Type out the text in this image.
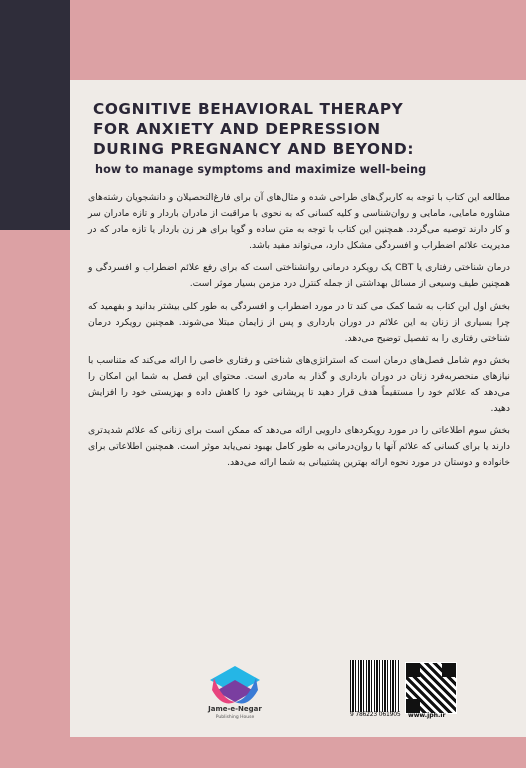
COGNITIVE BEHAVIORAL THERAPY
FOR ANXIETY AND DEPRESSION
DURING PREGNANCY AND BEYOND:
how to manage symptoms and maximize well-being

مطالعه این کتاب با توجه به کاربرگ‌های طراحی شده و مثال‌های آن برای فارغ‌التحصیلان و دانشجویان رشته‌های مشاوره مامایی، مامایی و روان‌شناسی و کلیه کسانی که به نحوی با مراقبت از مادران باردار و تازه مادران سر و کار دارند توصیه می‌گردد. همچنین این کتاب با توجه به متن ساده و گویا برای هر زن باردار یا تازه مادر که در مدیریت علائم اضطراب و افسردگی مشکل دارد، می‌تواند مفید باشد.

درمان شناختی رفتاری یا CBT یک رویکرد درمانی روانشناختی است که برای رفع علائم اضطراب و افسردگی و همچنین طیف وسیعی از مسائل بهداشتی از جمله کنترل درد مزمن بسیار موثر است.

بخش اول این کتاب به شما کمک می کند تا در مورد اضطراب و افسردگی به طور کلی بیشتر بدانید و بفهمید که چرا بسیاری از زنان به این علائم در دوران بارداری و پس از زایمان مبتلا می‌شوند. همچنین رویکرد درمان شناختی رفتاری را به تفصیل توضیح می‌دهد.

بخش دوم شامل فصل‌های درمان است که استراتژی‌های شناختی و رفتاری خاصی را ارائه می‌کند که متناسب با نیازهای منحصربه‌فرد زنان در دوران بارداری و گذار به مادری است. محتوای این فصل به شما این امکان را می‌دهد که علائم خود را مستقیماً هدف قرار دهید تا پریشانی خود را کاهش داده و بهزیستی خود را افزایش دهید.

بخش سوم اطلاعاتی را در مورد رویکردهای دارویی ارائه می‌دهد که ممکن است برای زنانی که علائم شدیدتری دارند یا برای کسانی که علائم آنها با روان‌درمانی به طور کامل بهبود نمی‌یابد موثر است. همچنین اطلاعاتی برای خانواده و دوستان در مورد نحوه ارائه بهترین پشتیبانی به شما ارائه می‌دهد.

Jame-e-Negar
Publishing House	9 786223 061905	www.jph.ir
